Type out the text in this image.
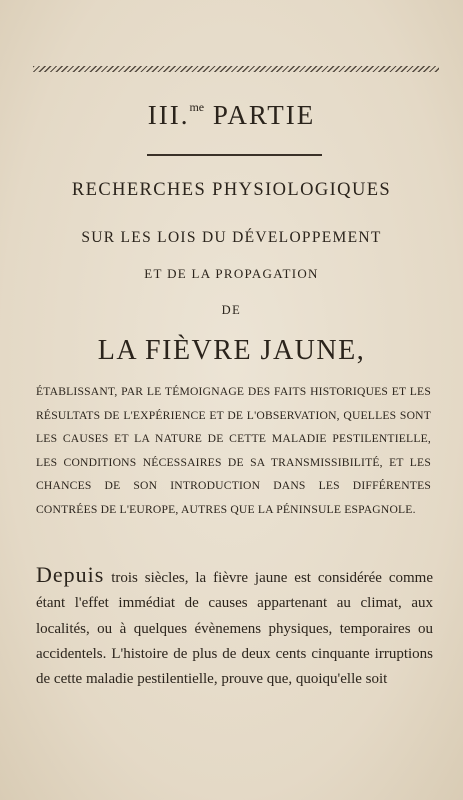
III.$^{me}$ PARTIE
RECHERCHES PHYSIOLOGIQUES
SUR LES LOIS DU DÉVELOPPEMENT
ET DE LA PROPAGATION
DE
LA FIÈVRE JAUNE,
ÉTABLISSANT, PAR LE TÉMOIGNAGE DES FAITS HISTORIQUES ET LES RÉSULTATS DE L'EXPÉRIENCE ET DE L'OBSERVATION, QUELLES SONT LES CAUSES ET LA NATURE DE CETTE MALADIE PESTILENTIELLE, LES CONDITIONS NÉCESSAIRES DE SA TRANSMISSIBILITÉ, ET LES CHANCES DE SON INTRODUCTION DANS LES DIFFÉRENTES CONTRÉES DE L'EUROPE, AUTRES QUE LA PÉNINSULE ESPAGNOLE.
Depuis trois siècles, la fièvre jaune est considérée comme étant l'effet immédiat de causes appartenant au climat, aux localités, ou à quelques évènemens physiques, temporaires ou accidentels. L'histoire de plus de deux cents cinquante irruptions de cette maladie pestilentielle, prouve que, quoiqu'elle soit
